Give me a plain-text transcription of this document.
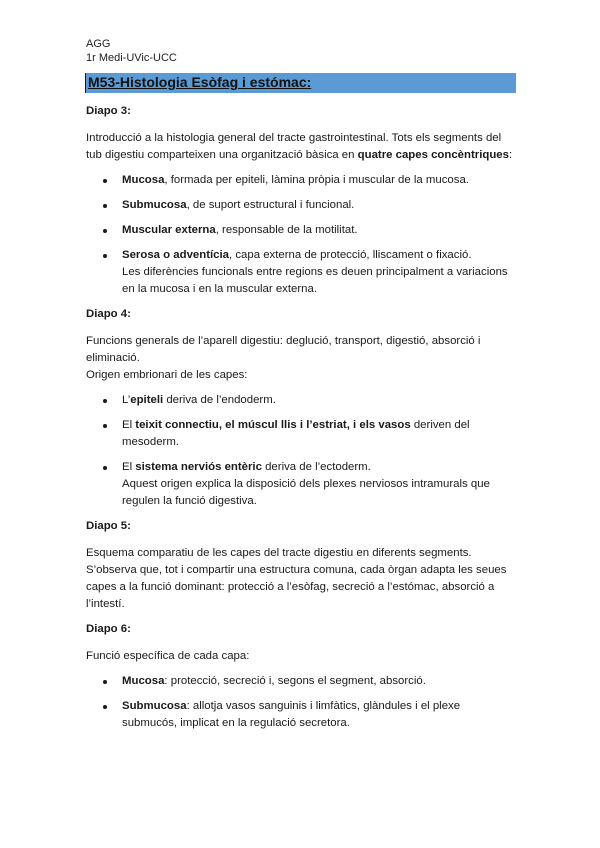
AGG
1r Medi-UVic-UCC
M53-Histologia Esòfag i estómac:
Diapo 3:

Introducció a la histologia general del tracte gastrointestinal. Tots els segments del tub digestiu comparteixen una organització bàsica en quatre capes concèntriques:

Mucosa, formada per epiteli, làmina pròpia i muscular de la mucosa.
Submucosa, de suport estructural i funcional.
Muscular externa, responsable de la motilitat.
Serosa o adventícia, capa externa de protecció, lliscament o fixació.
Les diferències funcionals entre regions es deuen principalment a variacions en la mucosa i en la muscular externa.
Diapo 4:

Funcions generals de l’aparell digestiu: deglució, transport, digestió, absorció i eliminació.
Origen embrionari de les capes:

L’epiteli deriva de l’endoderm.
El teixit connectiu, el múscul llis i l’estriat, i els vasos deriven del mesoderm.
El sistema nerviós entèric deriva de l’ectoderm.
Aquest origen explica la disposició dels plexes nerviosos intramurals que regulen la funció digestiva.
Diapo 5:

Esquema comparatiu de les capes del tracte digestiu en diferents segments. S’observa que, tot i compartir una estructura comuna, cada òrgan adapta les seues capes a la funció dominant: protecció a l’esòfag, secreció a l’estómac, absorció a l’intestí.

Diapo 6:

Funció específica de cada capa:

Mucosa: protecció, secreció i, segons el segment, absorció.
Submucosa: allotja vasos sanguinis i limfàtics, glàndules i el plexe submucós, implicat en la regulació secretora.
